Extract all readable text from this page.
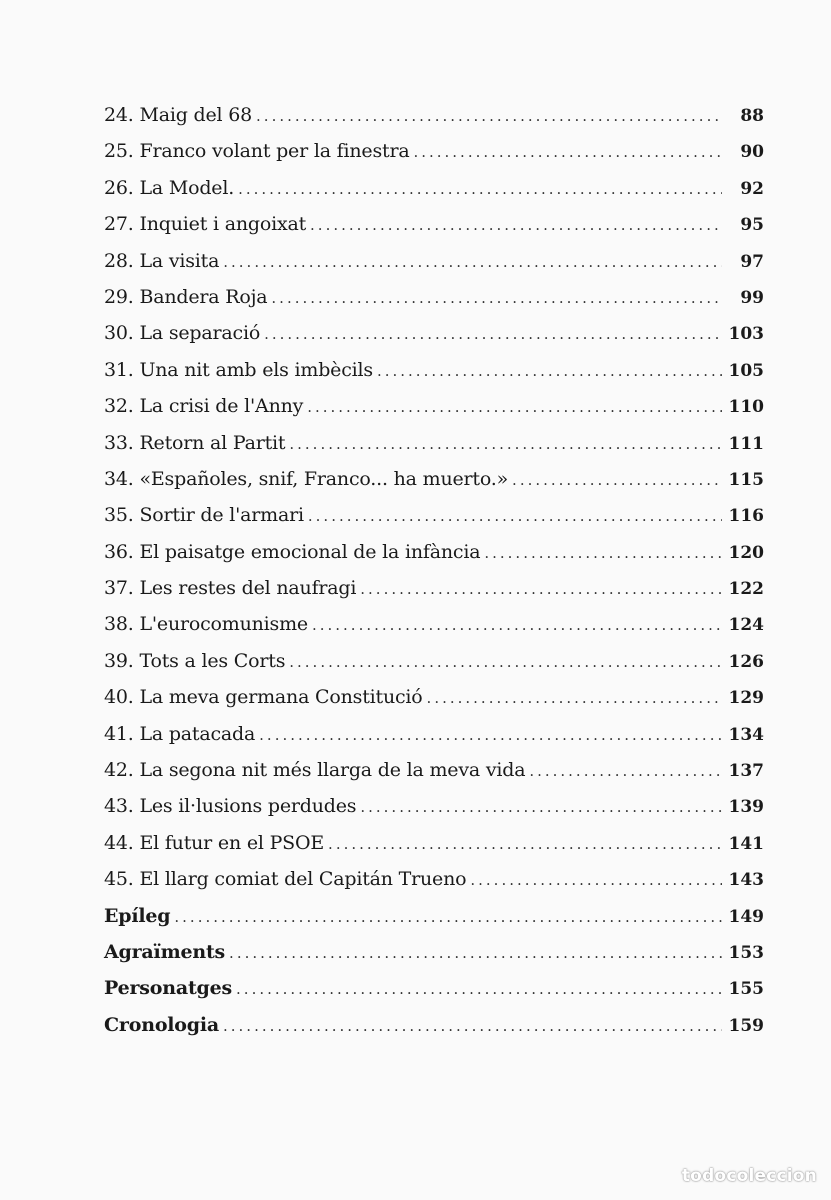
24. Maig del 68 .....	88
25. Franco volant per la finestra .....	90
26. La Model. .....	92
27. Inquiet i angoixat .....	95
28. La visita .....	97
29. Bandera Roja .....	99
30. La separació .....	103
31. Una nit amb els imbècils .....	105
32. La crisi de l'Anny .....	110
33. Retorn al Partit .....	111
34. «Españoles, snif, Franco... ha muerto.» .....	115
35. Sortir de l'armari .....	116
36. El paisatge emocional de la infància .....	120
37. Les restes del naufragi .....	122
38. L'eurocomunisme .....	124
39. Tots a les Corts .....	126
40. La meva germana Constitució .....	129
41. La patacada .....	134
42. La segona nit més llarga de la meva vida .....	137
43. Les il·lusions perdudes .....	139
44. El futur en el PSOE .....	141
45. El llarg comiat del Capitán Trueno .....	143
Epíleg .....	149
Agraïments .....	153
Personatges .....	155
Cronologia .....	159
todocoleccion
